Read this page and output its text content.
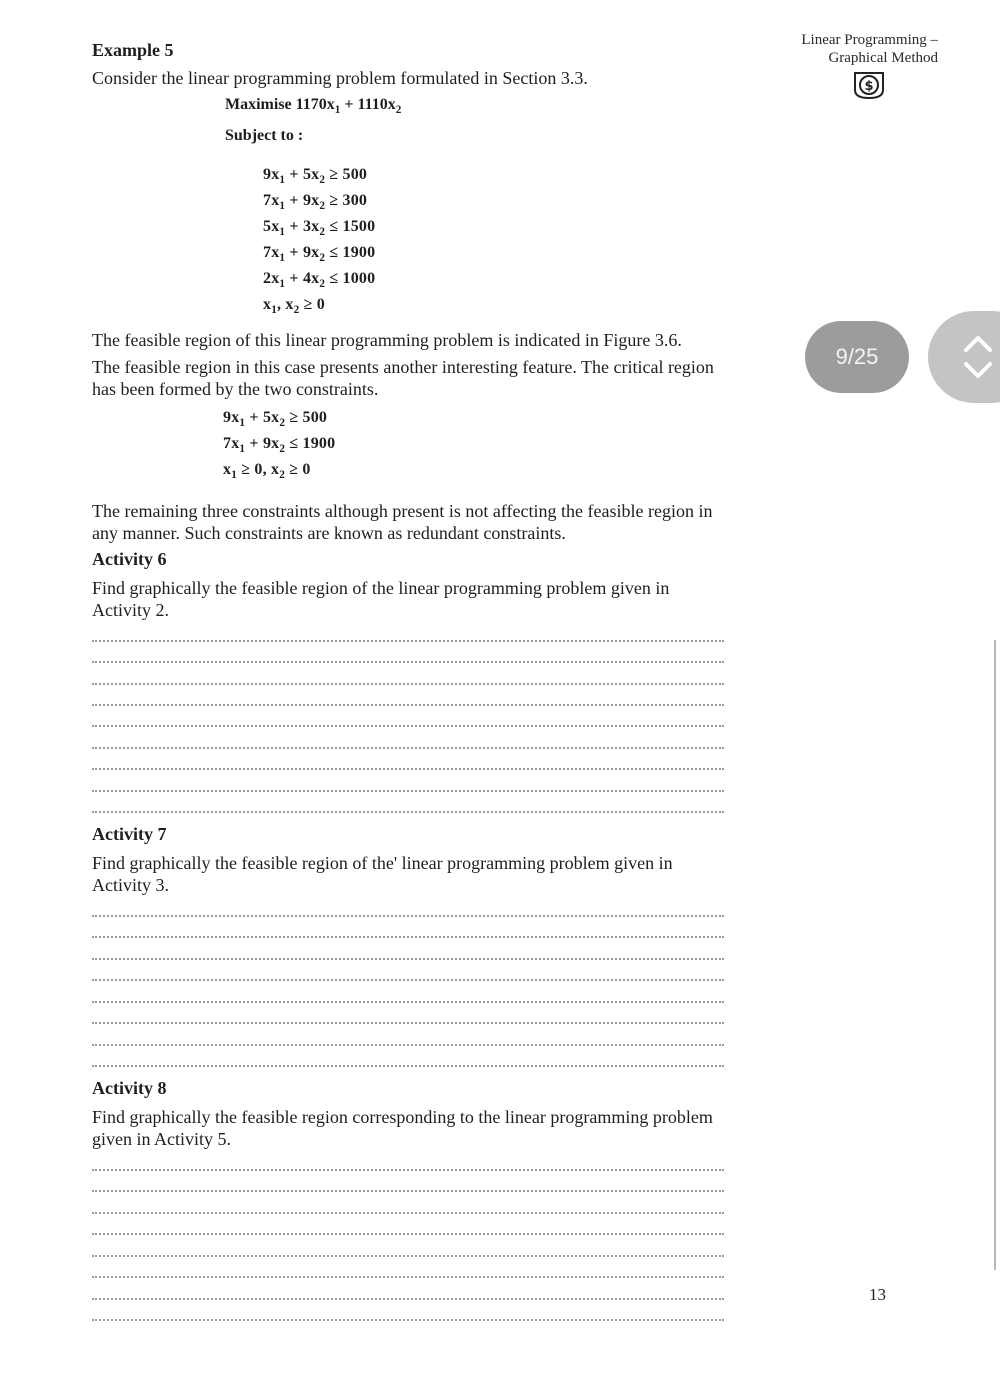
Linear Programming –
Graphical Method
$
Example 5
Consider the linear programming problem formulated in Section 3.3.
Maximise $1170x_1 + 1110x_2$
Subject to :
$9x_1 + 5x_2 \ge 500$
$7x_1 + 9x_2 \ge 300$
$5x_1 + 3x_2 \le 1500$
$7x_1 + 9x_2 \le 1900$
$2x_1 + 4x_2 \le 1000$
$x_1$, $x_2 \ge 0$
The feasible region of this linear programming problem is indicated in Figure 3.6.
The feasible region in this case presents another interesting feature. The critical region
has been formed by the two constraints.
$9x_1 + 5x_2 \ge 500$
$7x_1 + 9x_2 \le 1900$
$x_1 \ge 0$, $x_2 \ge 0$
The remaining three constraints although present is not affecting the feasible region in
any manner. Such constraints are known as redundant constraints.
Activity 6
Find graphically the feasible region of the linear programming problem given in
Activity 2.
Activity 7
Find graphically the feasible region of the' linear programming problem given in
Activity 3.
Activity 8
Find graphically the feasible region corresponding to the linear programming problem
given in Activity 5.
13
9/25
